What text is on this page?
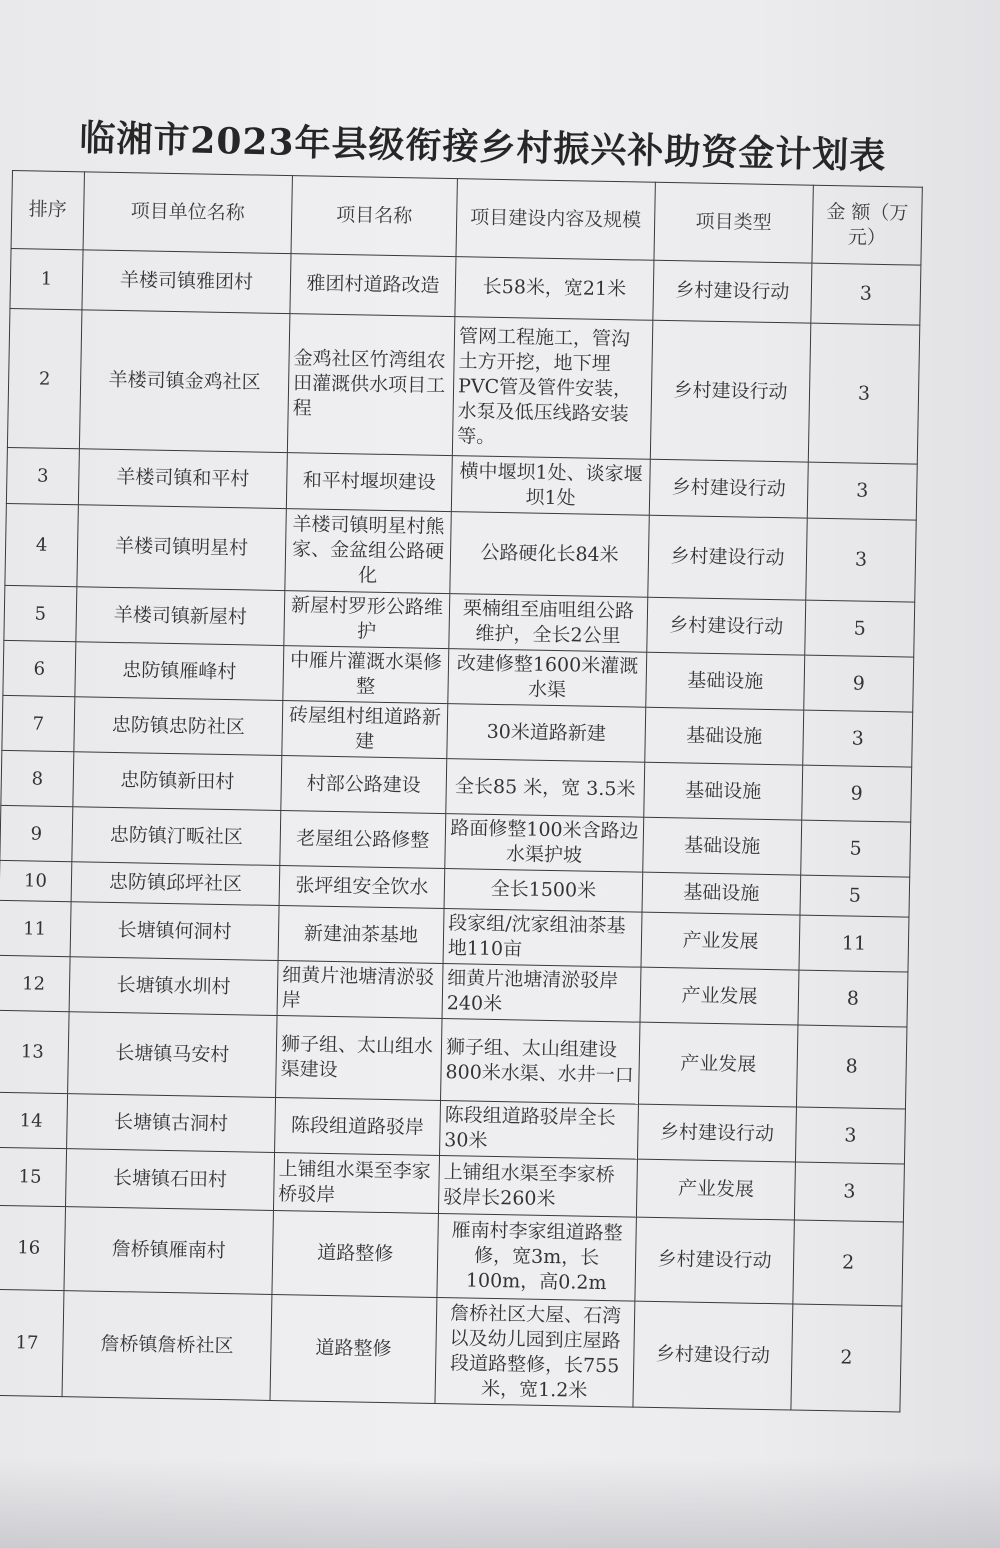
临湘市2023年县级衔接乡村振兴补助资金计划表
排序	项目单位名称	项目名称	项目建设内容及规模	项目类型	金 额（万元）
1	羊楼司镇雅团村	雅团村道路改造	长58米，宽21米	乡村建设行动	3
2	羊楼司镇金鸡社区	金鸡社区竹湾组农田灌溉供水项目工程	管网工程施工，管沟土方开挖，地下埋PVC管及管件安装，水泵及低压线路安装等。	乡村建设行动	3
3	羊楼司镇和平村	和平村堰坝建设	横中堰坝1处、谈家堰坝1处	乡村建设行动	3
4	羊楼司镇明星村	羊楼司镇明星村熊家、金盆组公路硬化	公路硬化长84米	乡村建设行动	3
5	羊楼司镇新屋村	新屋村罗形公路维护	栗楠组至庙咀组公路维护，全长2公里	乡村建设行动	5
6	忠防镇雁峰村	中雁片灌溉水渠修整	改建修整1600米灌溉水渠	基础设施	9
7	忠防镇忠防社区	砖屋组村组道路新建	30米道路新建	基础设施	3
8	忠防镇新田村	村部公路建设	全长85 米，宽 3.5米	基础设施	9
9	忠防镇汀畈社区	老屋组公路修整	路面修整100米含路边水渠护坡	基础设施	5
10	忠防镇邱坪社区	张坪组安全饮水	全长1500米	基础设施	5
11	长塘镇何洞村	新建油茶基地	段家组/沈家组油茶基地110亩	产业发展	11
12	长塘镇水圳村	细黄片池塘清淤驳岸	细黄片池塘清淤驳岸240米	产业发展	8
13	长塘镇马安村	狮子组、太山组水渠建设	狮子组、太山组建设800米水渠、水井一口	产业发展	8
14	长塘镇古洞村	陈段组道路驳岸	陈段组道路驳岸全长30米	乡村建设行动	3
15	长塘镇石田村	上铺组水渠至李家桥驳岸	上铺组水渠至李家桥驳岸长260米	产业发展	3
16	詹桥镇雁南村	道路整修	雁南村李家组道路整修，宽3m，长100m，高0.2m	乡村建设行动	2
17	詹桥镇詹桥社区	道路整修	詹桥社区大屋、石湾以及幼儿园到庄屋路段道路整修，长755米，宽1.2米	乡村建设行动	2
